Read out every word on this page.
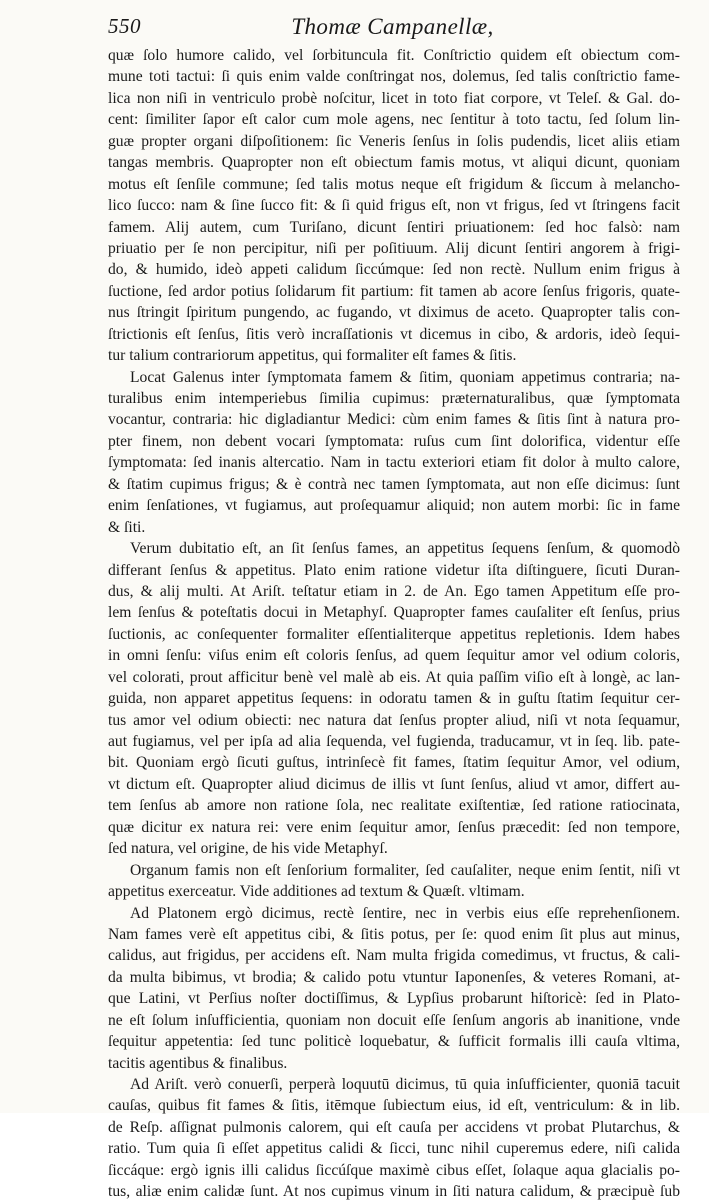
550	Thomæ Campanellæ,
quæ ſolo humore calido, vel ſorbituncula fit. Conſtrictio quidem eſt obiectum com-
mune toti tactui: ſi quis enim valde conſtringat nos, dolemus, ſed talis conſtrictio fame-
lica non niſi in ventriculo probè noſcitur, licet in toto fiat corpore, vt Teleſ. & Gal. do-
cent: ſimiliter ſapor eſt calor cum mole agens, nec ſentitur à toto tactu, ſed ſolum lin-
guæ propter organi diſpoſitionem: ſic Veneris ſenſus in ſolis pudendis, licet aliis etiam
tangas membris. Quapropter non eſt obiectum famis motus, vt aliqui dicunt, quoniam
motus eſt ſenſile commune; ſed talis motus neque eſt frigidum & ſiccum à melancho-
lico ſucco: nam & ſine ſucco fit: & ſi quid frigus eſt, non vt frigus, ſed vt ſtringens facit
famem. Alij autem, cum Turiſano, dicunt ſentiri priuationem: ſed hoc falsò: nam
priuatio per ſe non percipitur, niſi per poſitiuum. Alij dicunt ſentiri angorem à frigi-
do, & humido, ideò appeti calidum ſiccúmque: ſed non rectè. Nullum enim frigus à
ſuctione, ſed ardor potius ſolidarum fit partium: fit tamen ab acore ſenſus frigoris, quate-
nus ſtringit ſpiritum pungendo, ac fugando, vt diximus de aceto. Quapropter talis con-
ſtrictionis eſt ſenſus, ſitis verò incraſſationis vt dicemus in cibo, & ardoris, ideò ſequi-
tur talium contrariorum appetitus, qui formaliter eſt fames & ſitis.
Locat Galenus inter ſymptomata famem & ſitim, quoniam appetimus contraria; na-
turalibus enim intemperiebus ſimilia cupimus: præternaturalibus, quæ ſymptomata
vocantur, contraria: hic digladiantur Medici: cùm enim fames & ſitis ſint à natura pro-
pter finem, non debent vocari ſymptomata: ruſus cum ſint dolorifica, videntur eſſe
ſymptomata: ſed inanis altercatio. Nam in tactu exteriori etiam fit dolor à multo calore,
& ſtatim cupimus frigus; & è contrà nec tamen ſymptomata, aut non eſſe dicimus: ſunt
enim ſenſationes, vt fugiamus, aut proſequamur aliquid; non autem morbi: ſic in fame
& ſiti.
Verum dubitatio eſt, an ſit ſenſus fames, an appetitus ſequens ſenſum, & quomodò
differant ſenſus & appetitus. Plato enim ratione videtur iſta diſtinguere, ſicuti Duran-
dus, & alij multi. At Ariſt. teſtatur etiam in 2. de An. Ego tamen Appetitum eſſe pro-
lem ſenſus & poteſtatis docui in Metaphyſ. Quapropter fames cauſaliter eſt ſenſus, prius
ſuctionis, ac conſequenter formaliter eſſentialiterque appetitus repletionis. Idem habes
in omni ſenſu: viſus enim eſt coloris ſenſus, ad quem ſequitur amor vel odium coloris,
vel colorati, prout afficitur benè vel malè ab eis. At quia paſſim viſio eſt à longè, ac lan-
guida, non apparet appetitus ſequens: in odoratu tamen & in guſtu ſtatim ſequitur cer-
tus amor vel odium obiecti: nec natura dat ſenſus propter aliud, niſi vt nota ſequamur,
aut fugiamus, vel per ipſa ad alia ſequenda, vel fugienda, traducamur, vt in ſeq. lib. pate-
bit. Quoniam ergò ſicuti guſtus, intrinſecè fit fames, ſtatim ſequitur Amor, vel odium,
vt dictum eſt. Quapropter aliud dicimus de illis vt ſunt ſenſus, aliud vt amor, differt au-
tem ſenſus ab amore non ratione ſola, nec realitate exiſtentiæ, ſed ratione ratiocinata,
quæ dicitur ex natura rei: vere enim ſequitur amor, ſenſus præcedit: ſed non tempore,
ſed natura, vel origine, de his vide Metaphyſ.
Organum famis non eſt ſenſorium formaliter, ſed cauſaliter, neque enim ſentit, niſi vt
appetitus exerceatur. Vide additiones ad textum & Quæſt. vltimam.
Ad Platonem ergò dicimus, rectè ſentire, nec in verbis eius eſſe reprehenſionem.
Nam fames verè eſt appetitus cibi, & ſitis potus, per ſe: quod enim ſit plus aut minus,
calidus, aut frigidus, per accidens eſt. Nam multa frigida comedimus, vt fructus, & cali-
da multa bibimus, vt brodia; & calido potu vtuntur Iaponenſes, & veteres Romani, at-
que Latini, vt Perſius noſter doctiſſimus, & Lypſius probarunt hiſtoricè: ſed in Plato-
ne eſt ſolum inſufficientia, quoniam non docuit eſſe ſenſum angoris ab inanitione, vnde
ſequitur appetentia: ſed tunc politicè loquebatur, & ſufficit formalis illi cauſa vltima,
tacitis agentibus & finalibus.
Ad Ariſt. verò conuerſi, perperà loquutū dicimus, tū quia inſufficienter, quoniā tacuit
cauſas, quibus fit fames & ſitis, itēmque ſubiectum eius, id eſt, ventriculum: & in lib.
de Reſp. aſſignat pulmonis calorem, qui eſt cauſa per accidens vt probat Plutarchus, &
ratio. Tum quia ſi eſſet appetitus calidi & ſicci, tunc nihil cuperemus edere, niſi calida
ſiccáque: ergò ignis illi calidus ſiccúſque maximè cibus eſſet, ſolaque aqua glacialis po-
tus, aliæ enim calidæ ſunt. At nos cupimus vinum in ſiti natura calidum, & præcipuè ſub
